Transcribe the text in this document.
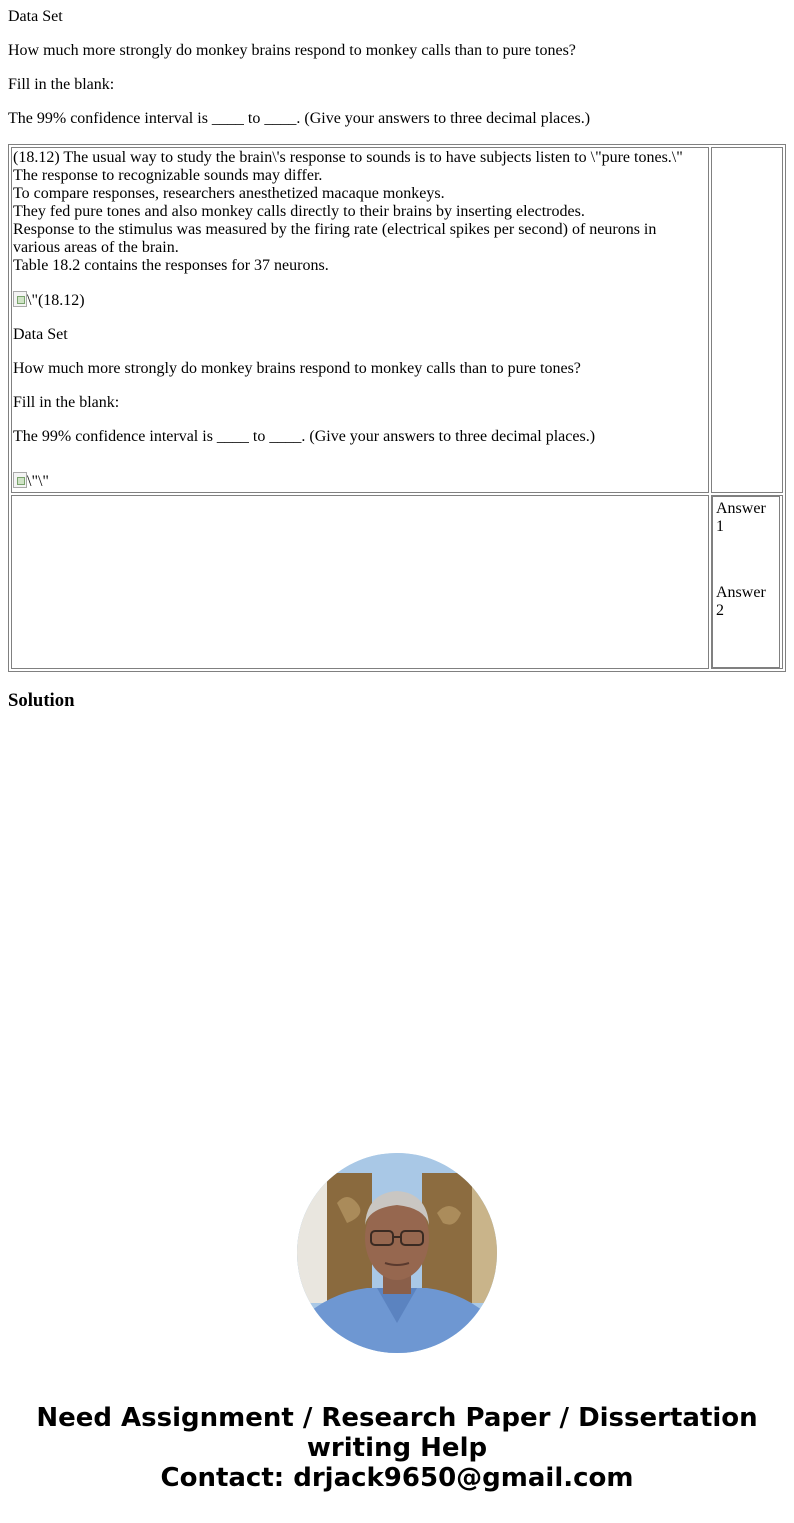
Data Set

How much more strongly do monkey brains respond to monkey calls than to pure tones?

Fill in the blank:

The 99% confidence interval is ____ to ____. (Give your answers to three decimal places.)

(18.12) The usual way to study the brain\'s response to sounds is to have subjects listen to \"pure tones.\"
The response to recognizable sounds may differ.
To compare responses, researchers anesthetized macaque monkeys.
They fed pure tones and also monkey calls directly to their brains by inserting electrodes.
Response to the stimulus was measured by the firing rate (electrical spikes per second) of neurons in various areas of the brain.
Table 18.2 contains the responses for 37 neurons.

\"(18.12)

Data Set

How much more strongly do monkey brains respond to monkey calls than to pure tones?

Fill in the blank:

The 99% confidence interval is ____ to ____. (Give your answers to three decimal places.)

\"\"

Answer 1
Answer 2
Solution
Need Assignment / Research Paper / Dissertation writing Help
Contact: drjack9650@gmail.com
